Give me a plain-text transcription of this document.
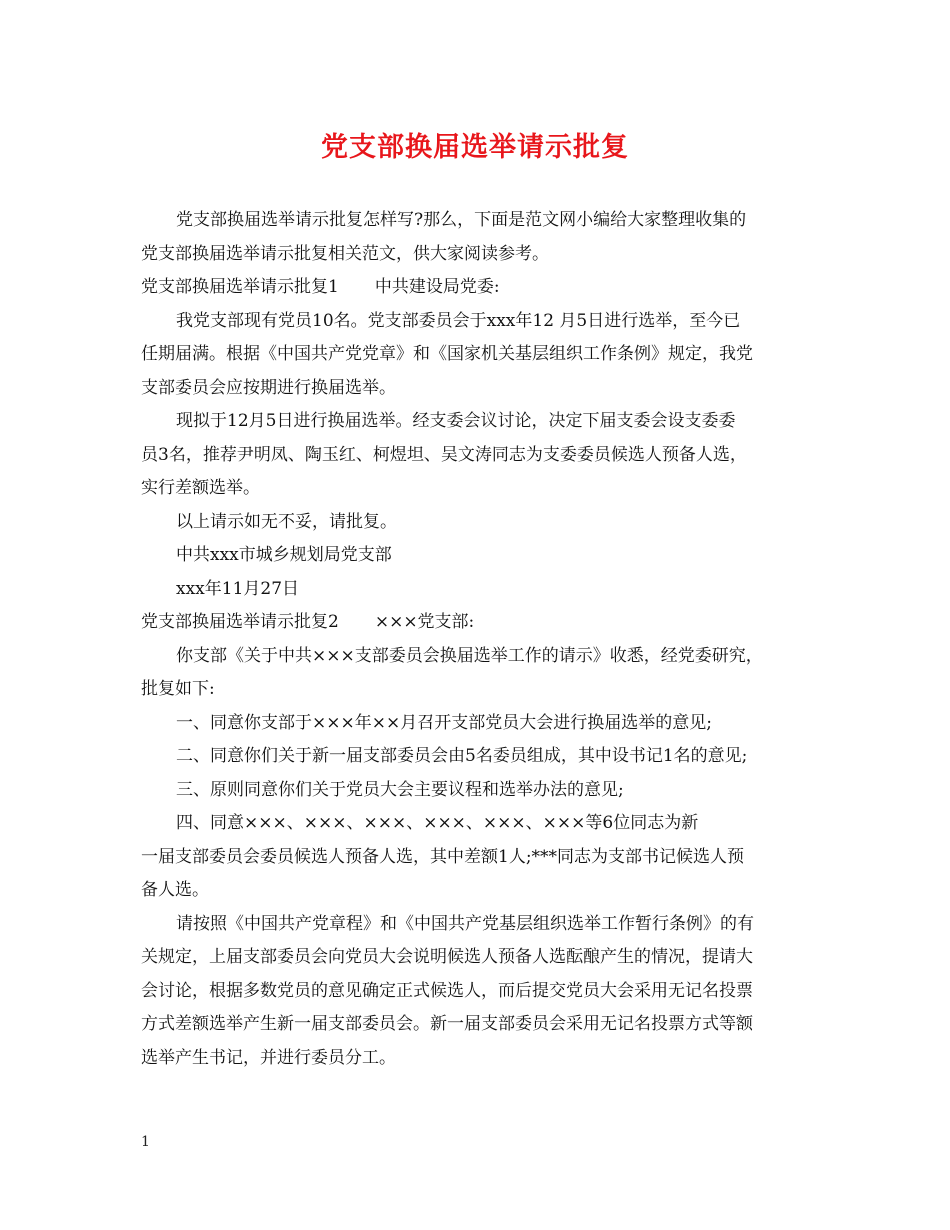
党支部换届选举请示批复
党支部换届选举请示批复怎样写?那么，下面是范文网小编给大家整理收集的
党支部换届选举请示批复相关范文，供大家阅读参考。
党支部换届选举请示批复1 中共建设局党委:
我党支部现有党员10名。党支部委员会于xxx年12 月5日进行选举，至今已
任期届满。根据《中国共产党党章》和《国家机关基层组织工作条例》规定，我党
支部委员会应按期进行换届选举。
现拟于12月5日进行换届选举。经支委会议讨论，决定下届支委会设支委委
员3名，推荐尹明凤、陶玉红、柯煜坦、吴文涛同志为支委委员候选人预备人选，
实行差额选举。
以上请示如无不妥，请批复。
中共xxx市城乡规划局党支部
xxx年11月27日
党支部换届选举请示批复2 ×××党支部:
你支部《关于中共×××支部委员会换届选举工作的请示》收悉，经党委研究，
批复如下:
一、同意你支部于×××年××月召开支部党员大会进行换届选举的意见;
二、同意你们关于新一届支部委员会由5名委员组成，其中设书记1名的意见;
三、原则同意你们关于党员大会主要议程和选举办法的意见;
四、同意×××、×××、×××、×××、×××、×××等6位同志为新
一届支部委员会委员候选人预备人选，其中差额1人;***同志为支部书记候选人预
备人选。
请按照《中国共产党章程》和《中国共产党基层组织选举工作暂行条例》的有
关规定，上届支部委员会向党员大会说明候选人预备人选酝酿产生的情况，提请大
会讨论，根据多数党员的意见确定正式候选人，而后提交党员大会采用无记名投票
方式差额选举产生新一届支部委员会。新一届支部委员会采用无记名投票方式等额
选举产生书记，并进行委员分工。
1
